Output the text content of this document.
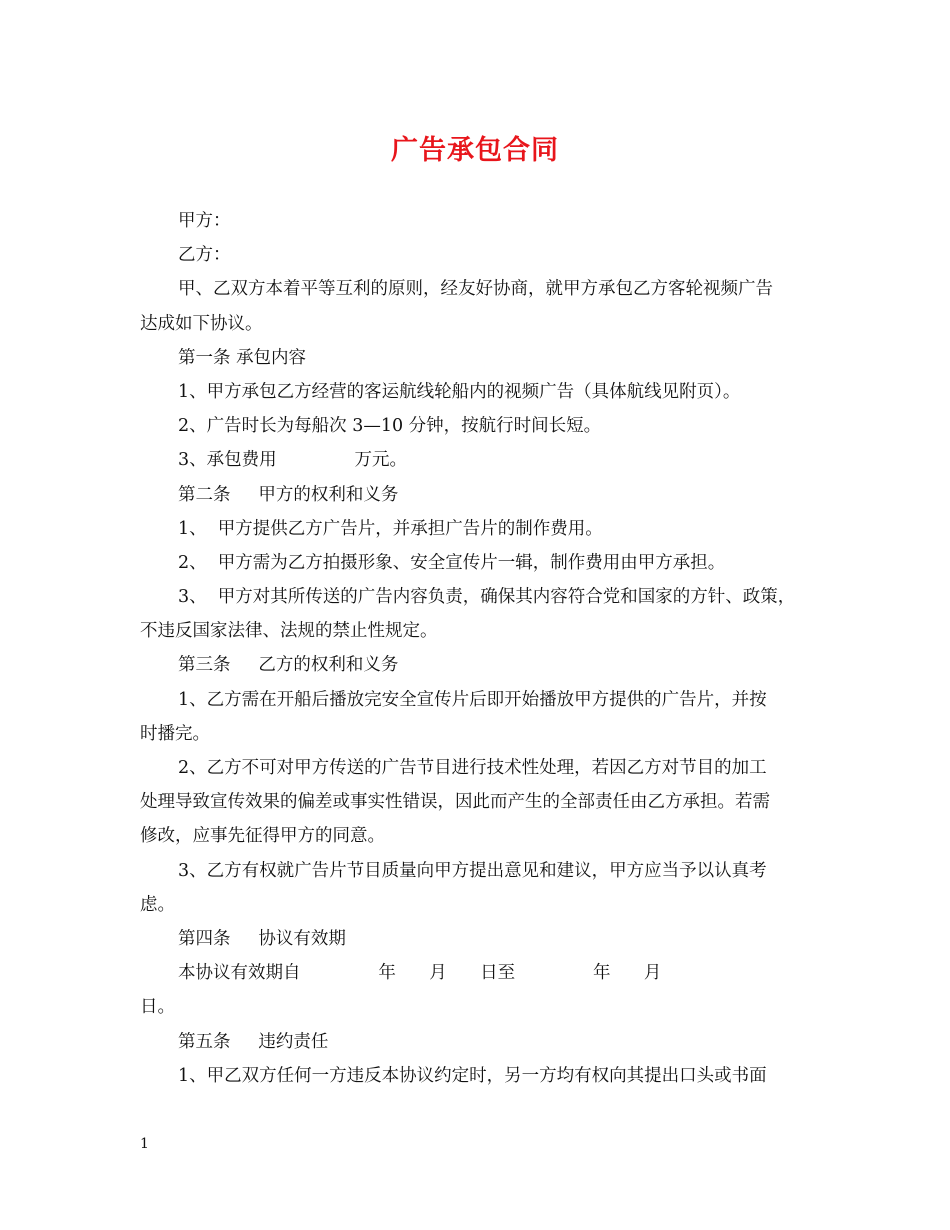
广告承包合同
甲方：
乙方：
甲、乙双方本着平等互利的原则，经友好协商，就甲方承包乙方客轮视频广告
达成如下协议。
第一条 承包内容
1、甲方承包乙方经营的客运航线轮船内的视频广告（具体航线见附页）。
2、广告时长为每船次 3—10 分钟，按航行时间长短。
3、承包费用              万元。
第二条     甲方的权利和义务
1、  甲方提供乙方广告片，并承担广告片的制作费用。
2、  甲方需为乙方拍摄形象、安全宣传片一辑，制作费用由甲方承担。
3、  甲方对其所传送的广告内容负责，确保其内容符合党和国家的方针、政策，
不违反国家法律、法规的禁止性规定。
第三条     乙方的权利和义务
1、乙方需在开船后播放完安全宣传片后即开始播放甲方提供的广告片，并按
时播完。
2、乙方不可对甲方传送的广告节目进行技术性处理，若因乙方对节目的加工
处理导致宣传效果的偏差或事实性错误，因此而产生的全部责任由乙方承担。若需
修改，应事先征得甲方的同意。
3、乙方有权就广告片节目质量向甲方提出意见和建议，甲方应当予以认真考
虑。
第四条     协议有效期
本协议有效期自              年      月      日至              年      月
日。
第五条     违约责任
1、甲乙双方任何一方违反本协议约定时，另一方均有权向其提出口头或书面
1
